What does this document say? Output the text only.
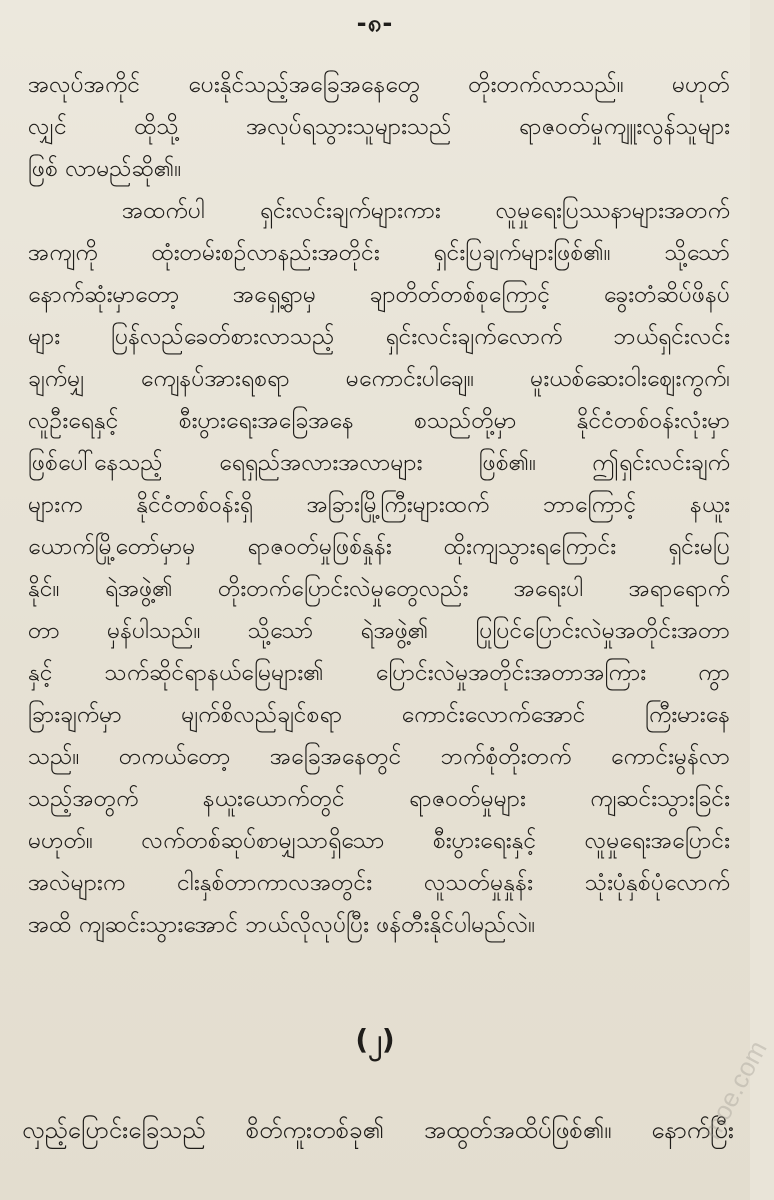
-၈-
အလုပ်အကိုင် ပေးနိုင်သည့်အခြေအနေတွေ တိုးတက်လာသည်။ မဟုတ်
လျှင် ထိုသို့ အလုပ်ရသွားသူများသည် ရာဇဝတ်မှုကျူးလွန်သူများ
ဖြစ် လာမည်ဆို၏။
အထက်ပါ ရှင်းလင်းချက်များကား လူမှုရေးပြဿနာများအတက်
အကျကို ထုံးတမ်းစဉ်လာနည်းအတိုင်း ရှင်းပြချက်များဖြစ်၏။ သို့သော်
နောက်ဆုံးမှာတော့ အရှေ့ရွာမှ ချာတိတ်တစ်စုကြောင့် ခွေးတံဆိပ်ဖိနပ်
များ ပြန်လည်ခေတ်စားလာသည့် ရှင်းလင်းချက်လောက် ဘယ်ရှင်းလင်း
ချက်မျှ ကျေနပ်အားရစရာ မကောင်းပါချေ။ မူးယစ်ဆေးဝါးဈေးကွက်၊
လူဦးရေနှင့် စီးပွားရေးအခြေအနေ စသည်တို့မှာ နိုင်ငံတစ်ဝန်းလုံးမှာ
ဖြစ်ပေါ်နေသည့် ရေရှည်အလားအလာများ ဖြစ်၏။ ဤရှင်းလင်းချက်
များက နိုင်ငံတစ်ဝန်းရှိ အခြားမြို့ကြီးများထက် ဘာကြောင့် နယူး
ယောက်မြို့တော်မှာမှ ရာဇဝတ်မှုဖြစ်နှုန်း ထိုးကျသွားရကြောင်း ရှင်းမပြ
နိုင်။ ရဲအဖွဲ့၏ တိုးတက်ပြောင်းလဲမှုတွေလည်း အရေးပါ အရာရောက်
တာ မှန်ပါသည်။ သို့သော် ရဲအဖွဲ့၏ ပြုပြင်ပြောင်းလဲမှုအတိုင်းအတာ
နှင့် သက်ဆိုင်ရာနယ်မြေများ၏ ပြောင်းလဲမှုအတိုင်းအတာအကြား ကွာ
ခြားချက်မှာ မျက်စိလည်ချင်စရာ ကောင်းလောက်အောင် ကြီးမားနေ
သည်။ တကယ်တော့ အခြေအနေတွင် ဘက်စုံတိုးတက် ကောင်းမွန်လာ
သည့်အတွက် နယူးယောက်တွင် ရာဇဝတ်မှုများ ကျဆင်းသွားခြင်း
မဟုတ်။ လက်တစ်ဆုပ်စာမျှသာရှိသော စီးပွားရေးနှင့် လူမှုရေးအပြောင်း
အလဲများက ငါးနှစ်တာကာလအတွင်း လူသတ်မှုနှုန်း သုံးပုံနှစ်ပုံလောက်
အထိ ကျဆင်းသွားအောင် ဘယ်လိုလုပ်ပြီး ဖန်တီးနိုင်ပါမည်လဲ။
(၂)
လှည့်ပြောင်းခြေသည် စိတ်ကူးတစ်ခု၏ အထွတ်အထိပ်ဖြစ်၏။ နောက်ပြီး
moe.com
